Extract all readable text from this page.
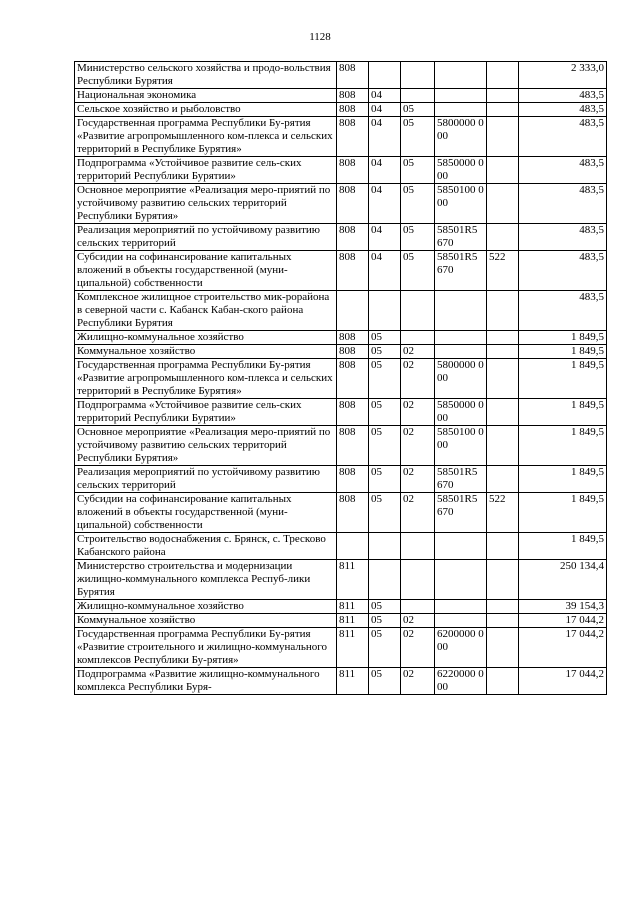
1128
Министерство сельского хозяйства и продо-вольствия Республики Бурятия	808					2 333,0

Национальная экономика	808	04				483,5

Сельское хозяйство и рыболовство	808	04	05			483,5

Государственная программа Республики Бу-рятия «Развитие агропромышленного ком-плекса и сельских территорий в Республике Бурятия»	808	04	05	5800000 000		483,5

Подпрограмма «Устойчивое развитие сель-ских территорий Республики Бурятии»	808	04	05	5850000 000		483,5

Основное мероприятие «Реализация меро-приятий по устойчивому развитию сельских территорий Республики Бурятия»	808	04	05	5850100 000		483,5

Реализация мероприятий по устойчивому развитию сельских территорий	808	04	05	58501R5 670		483,5

Субсидии на софинансирование капитальных вложений в объекты государственной (муни-ципальной) собственности	808	04	05	58501R5 670	522	483,5

Комплексное жилищное строительство мик-рорайона в северной части с. Кабанск Кабан-ского района Республики Бурятия						483,5

Жилищно-коммунальное хозяйство	808	05				1 849,5

Коммунальное хозяйство	808	05	02			1 849,5

Государственная программа Республики Бу-рятия «Развитие агропромышленного ком-плекса и сельских территорий в Республике Бурятия»	808	05	02	5800000 000		1 849,5

Подпрограмма «Устойчивое развитие сель-ских территорий Республики Бурятии»	808	05	02	5850000 000		1 849,5

Основное мероприятие «Реализация меро-приятий по устойчивому развитию сельских территорий Республики Бурятия»	808	05	02	5850100 000		1 849,5

Реализация мероприятий по устойчивому развитию сельских территорий	808	05	02	58501R5 670		1 849,5

Субсидии на софинансирование капитальных вложений в объекты государственной (муни-ципальной) собственности	808	05	02	58501R5 670	522	1 849,5

Строительство водоснабжения с. Брянск, с. Тресково Кабанского района						1 849,5

Министерство строительства и модернизации жилищно-коммунального комплекса Респуб-лики Бурятия	811					250 134,4

Жилищно-коммунальное хозяйство	811	05				39 154,3

Коммунальное хозяйство	811	05	02			17 044,2

Государственная программа Республики Бу-рятия «Развитие строительного и жилищно-коммунального комплексов Республики Бу-рятия»	811	05	02	6200000 000		17 044,2

Подпрограмма «Развитие жилищно-коммунального комплекса Республики Буря-	811	05	02	6220000 000		17 044,2
